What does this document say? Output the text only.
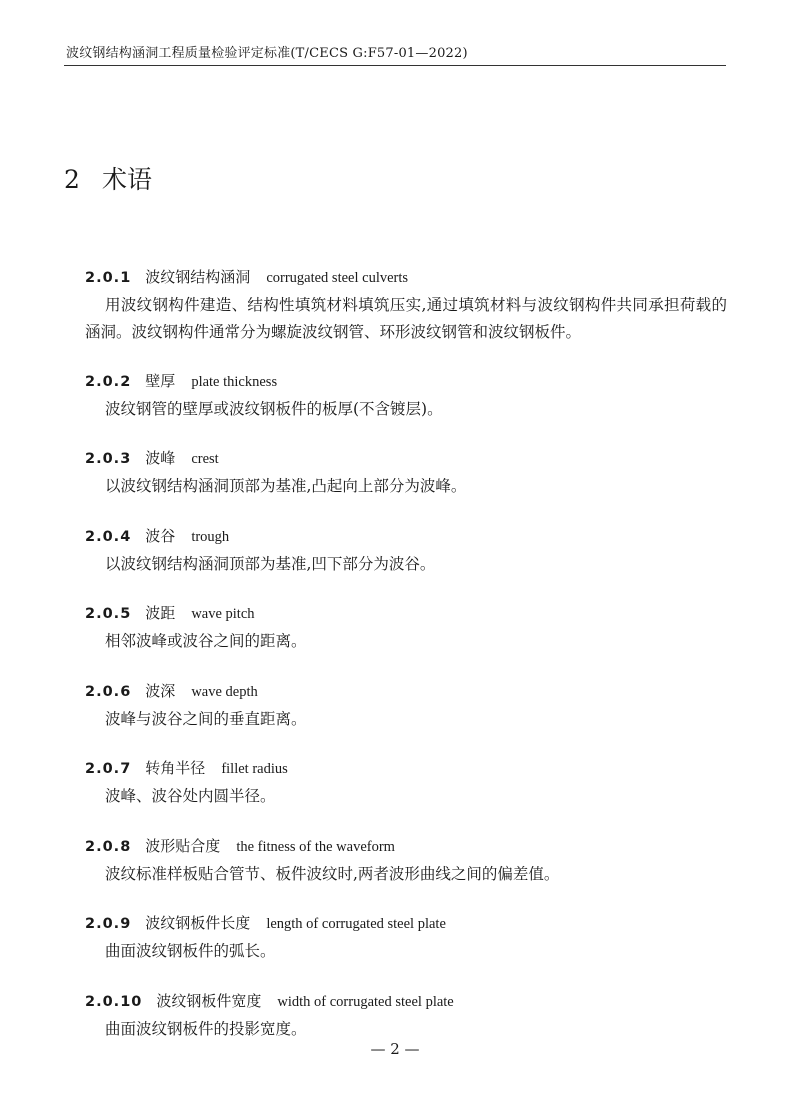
波纹钢结构涵洞工程质量检验评定标准(T/CECS G:F57-01—2022)
2 术语
2.0.1 波纹钢结构涵洞 corrugated steel culverts
用波纹钢构件建造、结构性填筑材料填筑压实,通过填筑材料与波纹钢构件共同承担荷载的涵洞。波纹钢构件通常分为螺旋波纹钢管、环形波纹钢管和波纹钢板件。
2.0.2 壁厚 plate thickness
波纹钢管的壁厚或波纹钢板件的板厚(不含镀层)。
2.0.3 波峰 crest
以波纹钢结构涵洞顶部为基准,凸起向上部分为波峰。
2.0.4 波谷 trough
以波纹钢结构涵洞顶部为基准,凹下部分为波谷。
2.0.5 波距 wave pitch
相邻波峰或波谷之间的距离。
2.0.6 波深 wave depth
波峰与波谷之间的垂直距离。
2.0.7 转角半径 fillet radius
波峰、波谷处内圆半径。
2.0.8 波形贴合度 the fitness of the waveform
波纹标准样板贴合管节、板件波纹时,两者波形曲线之间的偏差值。
2.0.9 波纹钢板件长度 length of corrugated steel plate
曲面波纹钢板件的弧长。
2.0.10 波纹钢板件宽度 width of corrugated steel plate
曲面波纹钢板件的投影宽度。
— 2 —
